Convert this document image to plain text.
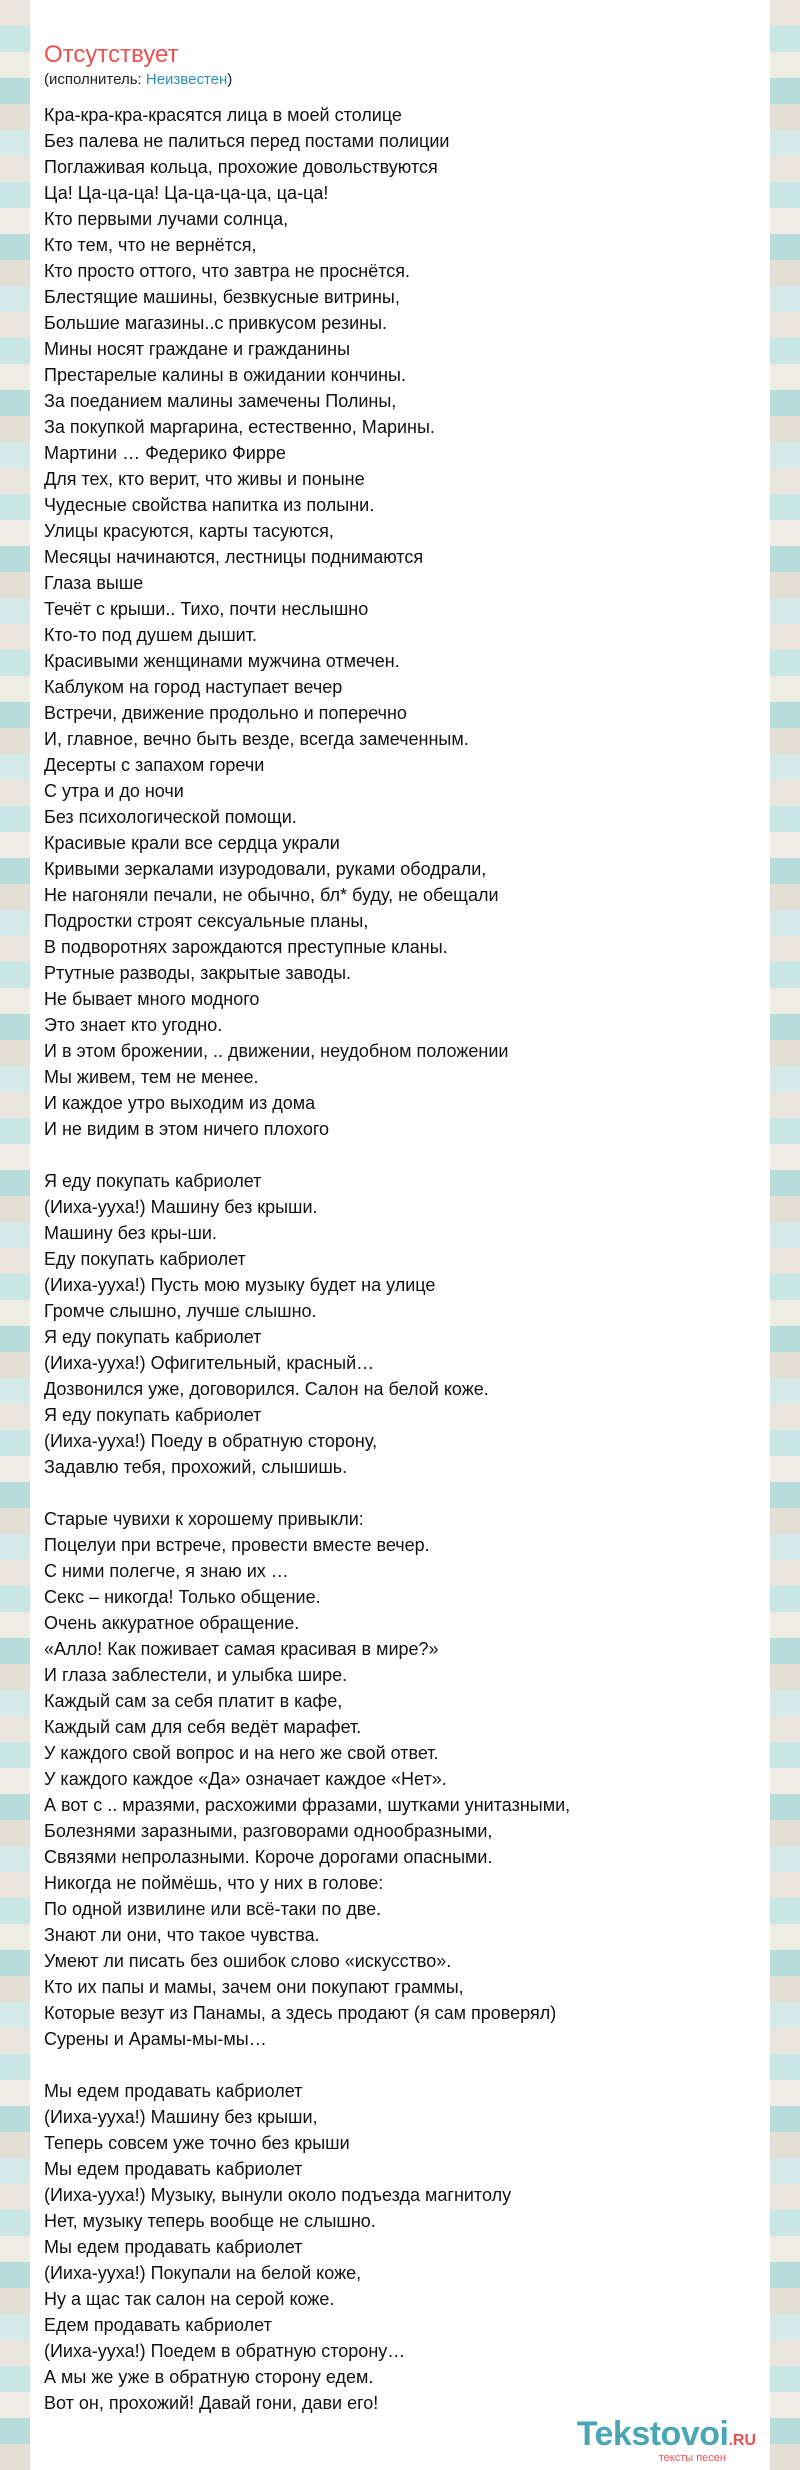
Отсутствует
(исполнитель: Неизвестен)
Кра-кра-кра-красятся лица в моей столице
Без палева не палиться перед постами полиции
Поглаживая кольца, прохожие довольствуются
Ца! Ца-ца-ца! Ца-ца-ца-ца, ца-ца!
Кто первыми лучами солнца,
Кто тем, что не вернётся,
Кто просто оттого, что завтра не проснётся.
Блестящие машины, безвкусные витрины,
Большие магазины..с привкусом резины.
Мины носят граждане и гражданины
Престарелые калины в ожидании кончины.
За поеданием малины замечены Полины,
За покупкой маргарина, естественно, Марины.
Мартини … Федерико Фирре
Для тех, кто верит, что живы и поныне
Чудесные свойства напитка из полыни.
Улицы красуются, карты тасуются,
Месяцы начинаются, лестницы поднимаются
Глаза выше
Течёт с крыши.. Тихо, почти неслышно
Кто-то под душем дышит.
Красивыми женщинами мужчина отмечен.
Каблуком на город наступает вечер
Встречи, движение продольно и поперечно
И, главное, вечно быть везде, всегда замеченным.
Десерты с запахом горечи
С утра и до ночи
Без психологической помощи.
Красивые крали все сердца украли
Кривыми зеркалами изуродовали, руками ободрали,
Не нагоняли печали, не обычно, бл* буду, не обещали
Подростки строят сексуальные планы,
В подворотнях зарождаются преступные кланы.
Ртутные разводы, закрытые заводы.
Не бывает много модного
Это знает кто угодно.
И в этом брожении, .. движении, неудобном положении
Мы живем, тем не менее.
И каждое утро выходим из дома
И не видим в этом ничего плохого
Я еду покупать кабриолет
(Ииха-ууха!) Машину без крыши.
Машину без кры-ши.
Еду покупать кабриолет
(Ииха-ууха!) Пусть мою музыку будет на улице
Громче слышно, лучше слышно.
Я еду покупать кабриолет
(Ииха-ууха!) Офигительный, красный…
Дозвонился уже, договорился. Салон на белой коже.
Я еду покупать кабриолет
(Ииха-ууха!) Поеду в обратную сторону,
Задавлю тебя, прохожий, слышишь.
Старые чувихи к хорошему привыкли:
Поцелуи при встрече, провести вместе вечер.
С ними полегче, я знаю их …
Секс – никогда! Только общение.
Очень аккуратное обращение.
«Алло! Как поживает самая красивая в мире?»
И глаза заблестели, и улыбка шире.
Каждый сам за себя платит в кафе,
Каждый сам для себя ведёт марафет.
У каждого свой вопрос и на него же свой ответ.
У каждого каждое «Да» означает каждое «Нет».
А вот с .. мразями, расхожими фразами, шутками унитазными,
Болезнями заразными, разговорами однообразными,
Связями непролазными. Короче дорогами опасными.
Никогда не поймёшь, что у них в голове:
По одной извилине или всё-таки по две.
Знают ли они, что такое чувства.
Умеют ли писать без ошибок слово «искусство».
Кто их папы и мамы, зачем они покупают граммы,
Которые везут из Панамы, а здесь продают (я сам проверял)
Сурены и Арамы-мы-мы…
Мы едем продавать кабриолет
(Ииха-ууха!) Машину без крыши,
Теперь совсем уже точно без крыши
Мы едем продавать кабриолет
(Ииха-ууха!) Музыку, вынули около подъезда магнитолу
Нет, музыку теперь вообще не слышно.
Мы едем продавать кабриолет
(Ииха-ууха!) Покупали на белой коже,
Ну а щас так салон на серой коже.
Едем продавать кабриолет
(Ииха-ууха!) Поедем в обратную сторону…
А мы же уже в обратную сторону едем.
Вот он, прохожий! Давай гони, дави его!
Tekstovoi.RU
тексты песен
